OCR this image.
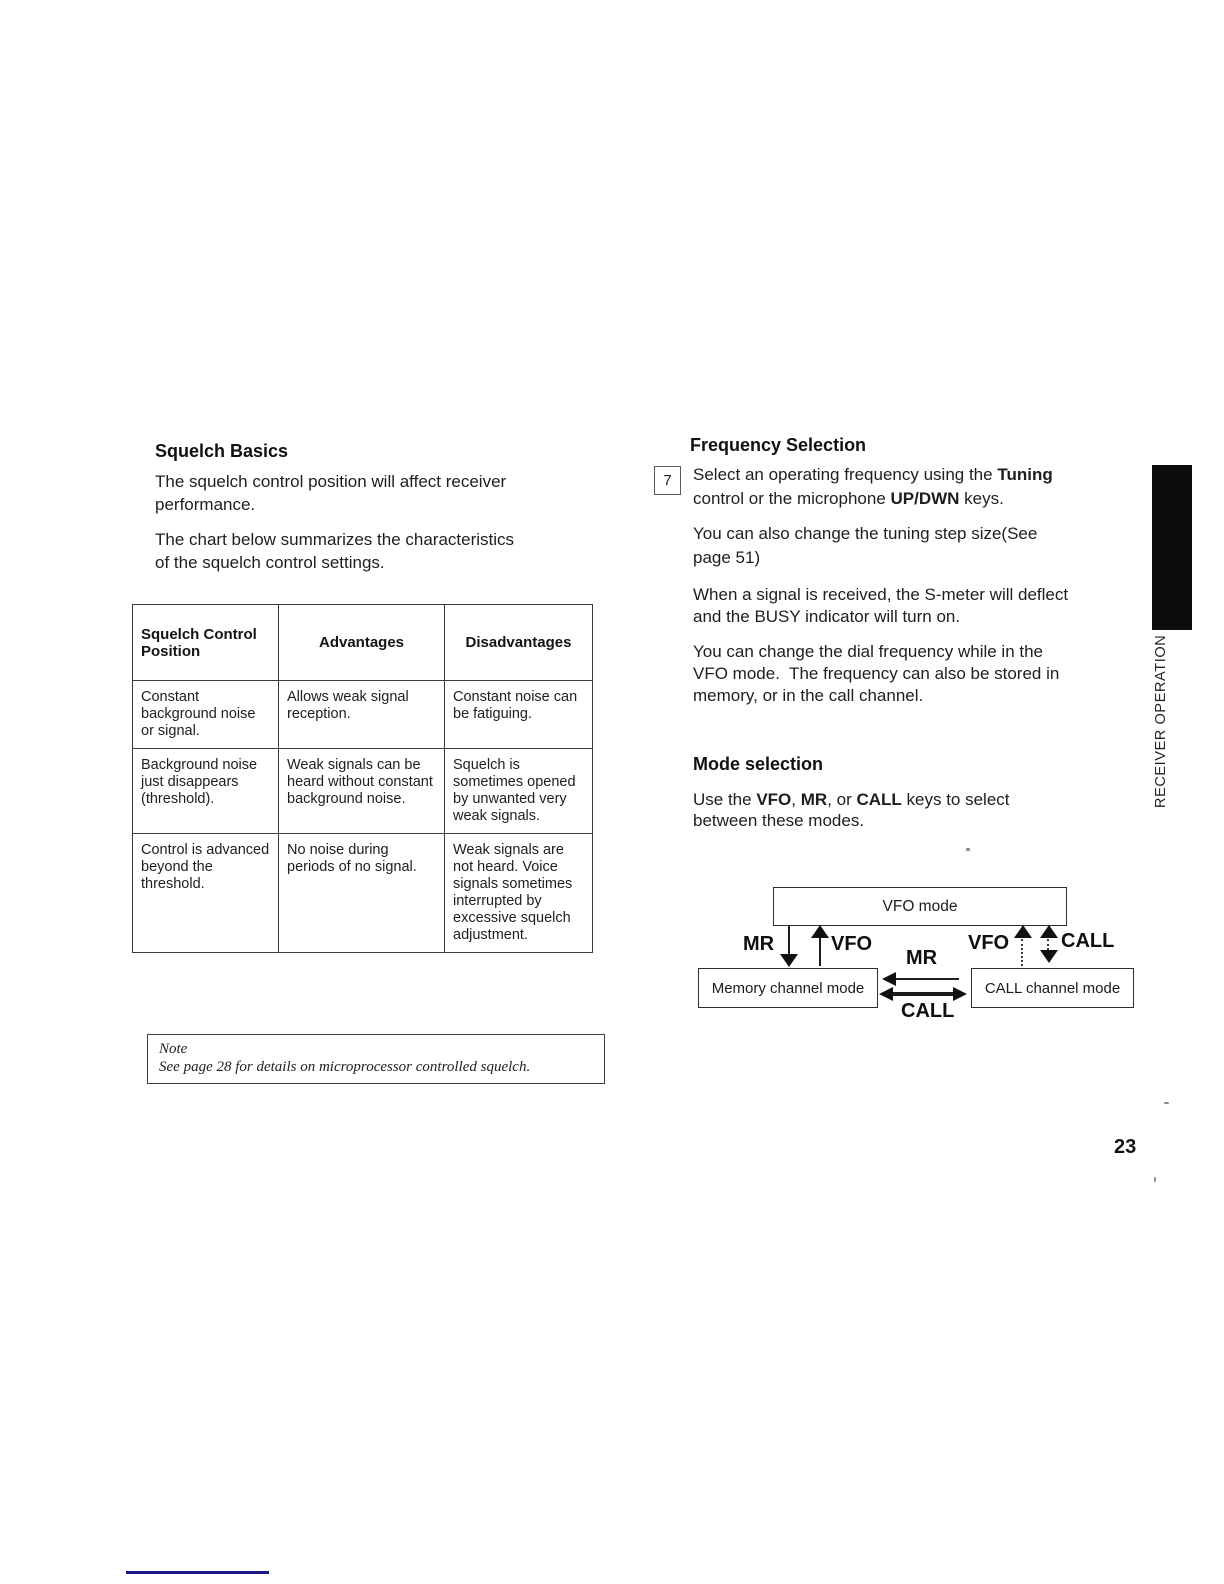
Squelch Basics
The squelch control position will affect receiver
performance.
The chart below summarizes the characteristics
of the squelch control settings.
Squelch Control Position	Advantages	Disadvantages
Constant background noise or signal.	Allows weak signal reception.	Constant noise can be fatiguing.
Background noise just disappears (threshold).	Weak signals can be heard without constant background noise.	Squelch is sometimes opened by unwanted very weak signals.
Control is advanced beyond the threshold.	No noise during periods of no signal.	Weak signals are not heard. Voice signals sometimes interrupted by excessive squelch adjustment.
Note
See page 28 for details on microprocessor controlled squelch.
Frequency Selection
7 Select an operating frequency using the Tuning
control or the microphone UP/DWN keys.
You can also change the tuning step size(See
page 51)
When a signal is received, the S-meter will deflect
and the BUSY indicator will turn on.
You can change the dial frequency while in the
VFO mode.  The frequency can also be stored in
memory, or in the call channel.
Mode selection
Use the VFO, MR, or CALL keys to select
between these modes.
VFO mode
Memory channel mode	CALL channel mode
MR	VFO	VFO	CALL
MR
CALL
RECEIVER OPERATION
23
